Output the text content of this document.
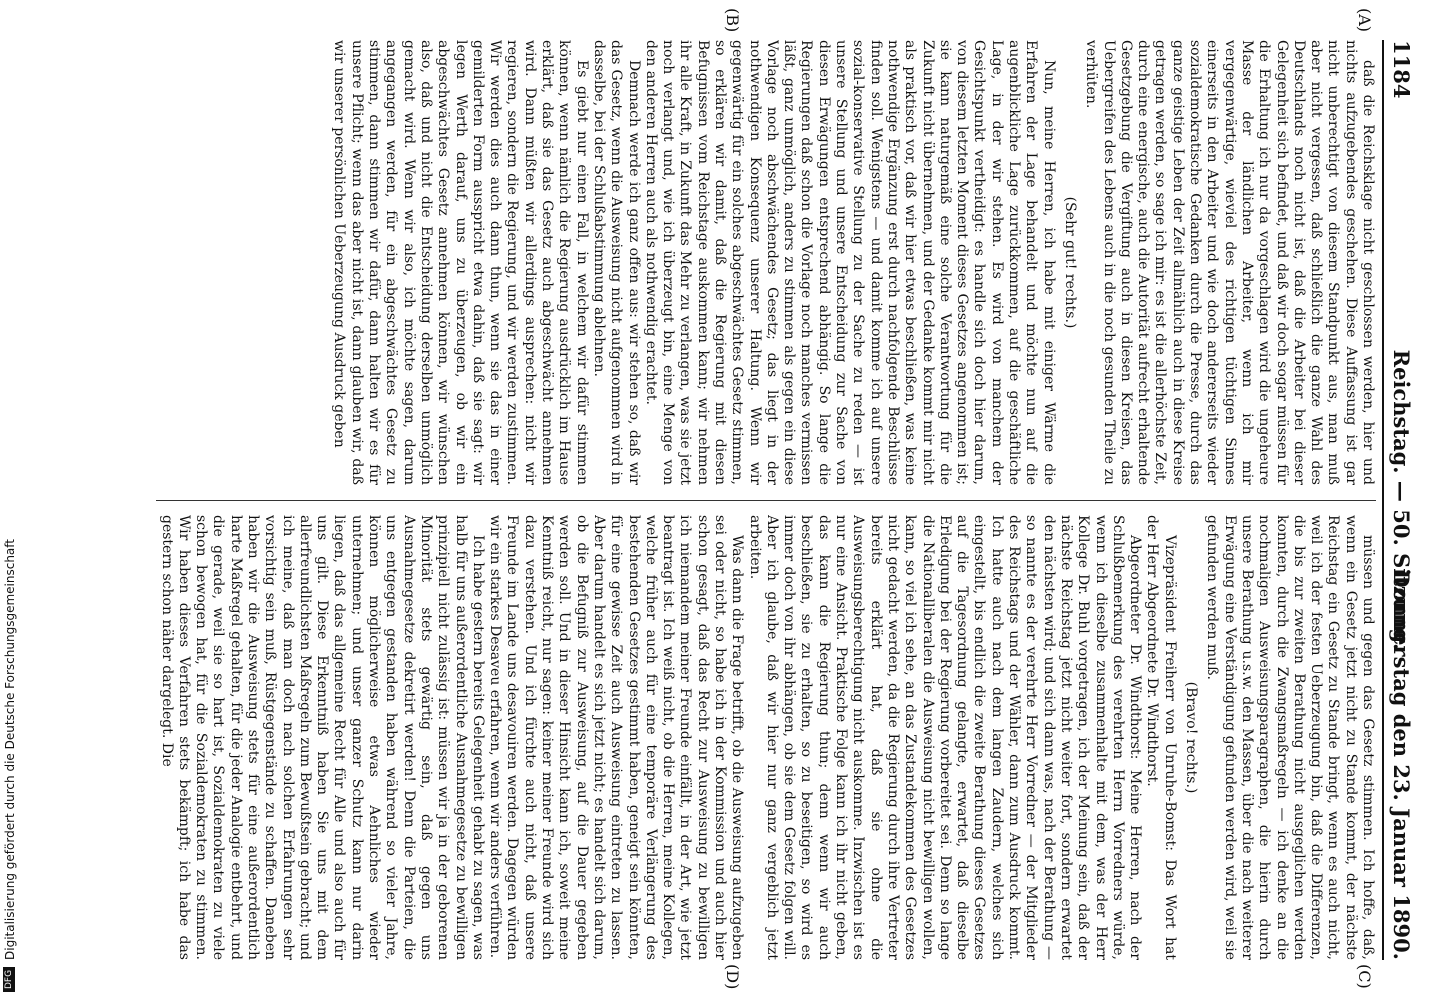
1184
Reichstag. — 50. Sitzung.
Donnerstag den 23. Januar 1890.
(A)
(B)
(C)
(D)

daß die Reichsklage nicht geschlossen werden, hier und nichts aufzugebendes geschehen. Diese Auffassung ist gar nicht unberechtigt von diesem Standpunkt aus, man muß aber nicht vergessen, daß schließlich die ganze Wahl des Deutschlands noch nicht ist, daß die Arbeiter bei dieser Gelegenheit sich befindet, und daß wir doch sogar müssen für die Erhaltung ich nur da vorgeschlagen wird die ungeheure Masse der ländlichen Arbeiter, wenn ich mir vergegenwärtige, wieviel des richtigen tüchtigen Sinnes einerseits in den Arbeiter und wie doch andererseits wieder sozialdemokratische Gedanken durch die Presse, durch das ganze geistige Leben der Zeit allmählich auch in diese Kreise getragen werden, so sage ich mir: es ist die allerhöchste Zeit, durch eine energische, auch die Autorität aufrecht erhaltende Gesetzgebung die Vergiftung auch in diesen Kreisen, das Uebergreifen des Lebens auch in die noch gesunden Theile zu verhüten.

(Sehr gut! rechts.)

Nun, meine Herren, ich habe mit einiger Wärme die Erfahren der Lage behandelt und möchte nun auf die augenblickliche Lage zurückkommen, auf die geschäftliche Lage, in der wir stehen. Es wird von manchem der Gesichtspunkt vertheidigt: es handle sich doch hier darum, von diesem letzten Moment dieses Gesetzes angenommen ist; sie kann naturgemäß eine solche Verantwortung für die Zukunft nicht übernehmen, und der Gedanke kommt mir nicht als praktisch vor, daß wir hier etwas beschließen, was keine nothwendige Ergänzung erst durch nachfolgende Beschlüsse finden soll. Wenigstens — und damit komme ich auf unsere sozial-konservative Stellung zu der Sache zu reden — ist unsere Stellung und unsere Entscheidung zur Sache von diesen Erwägungen entsprechend abhängig. So lange die Regierungen daß schon die Vorlage noch manches vermissen läßt, ganz unmöglich, anders zu stimmen als gegen ein diese Vorlage noch abschwächendes Gesetz; das liegt in der nothwendigen Konsequenz unserer Haltung. Wenn wir gegenwärtig für ein solches abgeschwächtes Gesetz stimmen, so erklären wir damit, daß die Regierung mit diesen Befugnissen vom Reichstage auskommen kann; wir nehmen ihr alle Kraft, in Zukunft das Mehr zu verlangen, was sie jetzt noch verlangt und, wie ich überzeugt bin, eine Menge von den anderen Herren auch als nothwendig erachtet.

Demnach werde ich ganz offen aus: wir stehen so, daß wir das Gesetz, wenn die Ausweisung nicht aufgenommen wird in dasselbe, bei der Schlußabstimmung ablehnen.

Es giebt nur einen Fall, in welchem wir dafür stimmen können, wenn nämlich die Regierung ausdrücklich im Hause erklärt, daß sie das Gesetz auch abgeschwächt annehmen wird. Dann müßten wir allerdings ausprechen: nicht wir regieren, sondern die Regierung, und wir werden zustimmen. Wir werden dies auch dann thun, wenn sie das in einer gemilderten Form ausspricht etwa dahin, daß sie sagt: wir legen Werth darauf, uns zu überzeugen, ob wir ein abgeschwächtes Gesetz annehmen können, wir wünschen also, daß und nicht die Entscheidung derselben unmöglich gemacht wird. Wenn wir also, ich möchte sagen, darum angegangen werden, für ein abgeschwächtes Gesetz zu stimmen, dann stimmen wir dafür, dann halten wir es für unsere Pflicht; wenn das aber nicht ist, dann glauben wir, daß wir unserer persönlichen Ueberzeugung Ausdruck geben

müssen und gegen das Gesetz stimmen. Ich hoffe, daß, wenn ein Gesetz jetzt nicht zu Stande kommt, der nächste Reichstag ein Gesetz zu Stande bringt, wenn es auch nicht, weil ich der festen Ueberzeugung bin, daß die Differenzen, die bis zur zweiten Berathung nicht ausgeglichen werden konnten, durch die Zwangsmaßregeln — ich denke an die nochmaligen Ausweisungsparagraphen, die hierin durch unsere Berathung u.s.w. den Massen, über die nach weiterer Erwägung eine Verständigung gefunden werden wird, weil sie gefunden werden muß.

(Bravo! rechts.)

Vizepräsident Freiherr von Unruhe-Bomst: Das Wort hat der Herr Abgeordnete Dr. Windthorst.

Abgeordneter Dr. Windthorst: Meine Herren, nach der Schlußbemerkung des verehrten Herrn Vorredners würde, wenn ich dieselbe zusammenhalte mit dem, was der Herr Kollege Dr. Buhl vorgetragen, ich der Meinung sein, daß der nächste Reichstag jetzt nicht weiter fort, sondern erwartet den nächsten wird; und sich dann was, nach der Berathung — so nannte es der verehrte Herr Vorredner — der Mitglieder des Reichstags und der Wähler, dann zum Ausdruck kommt. Ich hatte auch nach dem langen Zaudern, welches sich eingestellt, bis endlich die zweite Berathung dieses Gesetzes auf die Tagesordnung gelangte, erwartet, daß dieselbe Erledigung bei der Regierung vorbereitet sei. Denn so lange die Nationalliberalen die Ausweisung nicht bewilligen wollen, kann, so viel ich sehe, an das Zustandekommen des Gesetzes nicht gedacht werden, da die Regierung durch ihre Vertreter bereits erklärt hat, daß sie ohne die Ausweisungsberechtigung nicht auskomme. Inzwischen ist es nur eine Ansicht. Praktische Folge kann ich ihr nicht geben, das kann die Regierung thun; denn wenn wir auch beschließen, sie zu erhalten, so zu beseitigen, so wird es immer doch von ihr abhängen, ob sie dem Gesetz folgen will. Aber ich glaube, daß wir hier nur ganz vergeblich jetzt arbeiten.

Was dann die Frage betrifft, ob die Ausweisung aufzugeben sei oder nicht, so habe ich in der Kommission und auch hier schon gesagt, daß das Recht zur Ausweisung zu bewilligen ich niemandem meiner Freunde einfällt, in der Art, wie jetzt beantragt ist. Ich weiß nicht, ob die Herren, meine Kollegen, welche früher auch für eine temporäre Verlängerung des bestehenden Gesetzes gestimmt haben, geneigt sein könnten, für eine gewisse Zeit auch Ausweisung eintreten zu lassen. Aber darum handelt es sich jetzt nicht; es handelt sich darum, ob die Befugniß zur Ausweisung, auf die Dauer gegeben werden soll. Und in dieser Hinsicht kann ich, soweit meine Kenntniß reicht, nur sagen: keiner meiner Freunde wird sich dazu verstehen. Und ich fürchte auch nicht, daß unsere Freunde im Lande uns desavouiren werden. Dagegen würden wir ein starkes Desaveu erfahren, wenn wir anders verführen.

Ich habe gestern bereits Gelegenheit gehabt zu sagen, was halb für uns außerordentliche Ausnahmegesetze zu bewilligen prinzipiell nicht zulässig ist: müssen wir ja in der geborenen Minorität stets gewärtig sein, daß gegen uns Ausnahmegesetze dekretirt werden! Denn die Parteien, die uns entgegen gestanden haben während so vieler Jahre, können möglicherweise etwas Aehnliches wieder unternehmen; und unser ganzer Schutz kann nur darin liegen, daß das allgemeine Recht für Alle und also auch für uns gilt. Diese Erkenntniß haben Sie uns mit dem allerfreundlichsten Maßregeln zum Bewußtsein gebracht; und ich meine, daß man doch nach solchen Erfahrungen sehr vorsichtig sein muß, Rüstgegenstände zu schaffen. Daneben haben wir die Ausweisung stets für eine außerordentlich harte Maßregel gehalten, für die jeder Analogie entbehrt, und die gerade, weil sie so hart ist, Sozialdemokraten zu viele schon bewogen hat, für die Sozialdemokraten zu stimmen. Wir haben dieses Verfahren stets bekämpft; ich habe das gestern schon näher dargelegt. Die

DFG
Digitalisierung gefördert durch die Deutsche Forschungsgemeinschaft
